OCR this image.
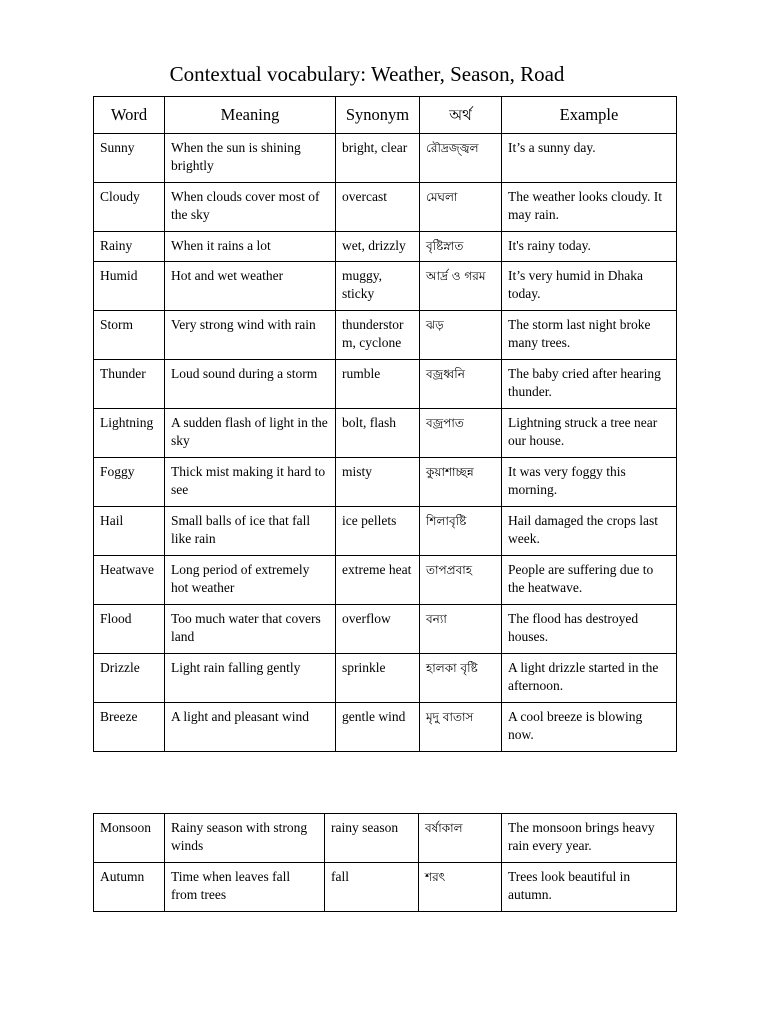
Contextual vocabulary: Weather, Season, Road
Word	Meaning	Synonym	অর্থ	Example
Sunny	When the sun is shining brightly	bright, clear	রৌদ্রজ্জ্বল	It’s a sunny day.
Cloudy	When clouds cover most of the sky	overcast	মেঘলা	The weather looks cloudy. It may rain.
Rainy	When it rains a lot	wet, drizzly	বৃষ্টিস্নাত	It's rainy today.
Humid	Hot and wet weather	muggy, sticky	আর্দ্র ও গরম	It’s very humid in Dhaka today.
Storm	Very strong wind with rain	thunderstor m, cyclone	ঝড়	The storm last night broke many trees.
Thunder	Loud sound during a storm	rumble	বজ্রধ্বনি	The baby cried after hearing thunder.
Lightning	A sudden flash of light in the sky	bolt, flash	বজ্রপাত	Lightning struck a tree near our house.
Foggy	Thick mist making it hard to see	misty	কুয়াশাচ্ছন্ন	It was very foggy this morning.
Hail	Small balls of ice that fall like rain	ice pellets	শিলাবৃষ্টি	Hail damaged the crops last week.
Heatwave	Long period of extremely hot weather	extreme heat	তাপপ্রবাহ	People are suffering due to the heatwave.
Flood	Too much water that covers land	overflow	বন্যা	The flood has destroyed houses.
Drizzle	Light rain falling gently	sprinkle	হালকা বৃষ্টি	A light drizzle started in the afternoon.
Breeze	A light and pleasant wind	gentle wind	মৃদু বাতাস	A cool breeze is blowing now.
Monsoon	Rainy season with strong winds	rainy season	বর্ষাকাল	The monsoon brings heavy rain every year.
Autumn	Time when leaves fall from trees	fall	শরৎ	Trees look beautiful in autumn.
